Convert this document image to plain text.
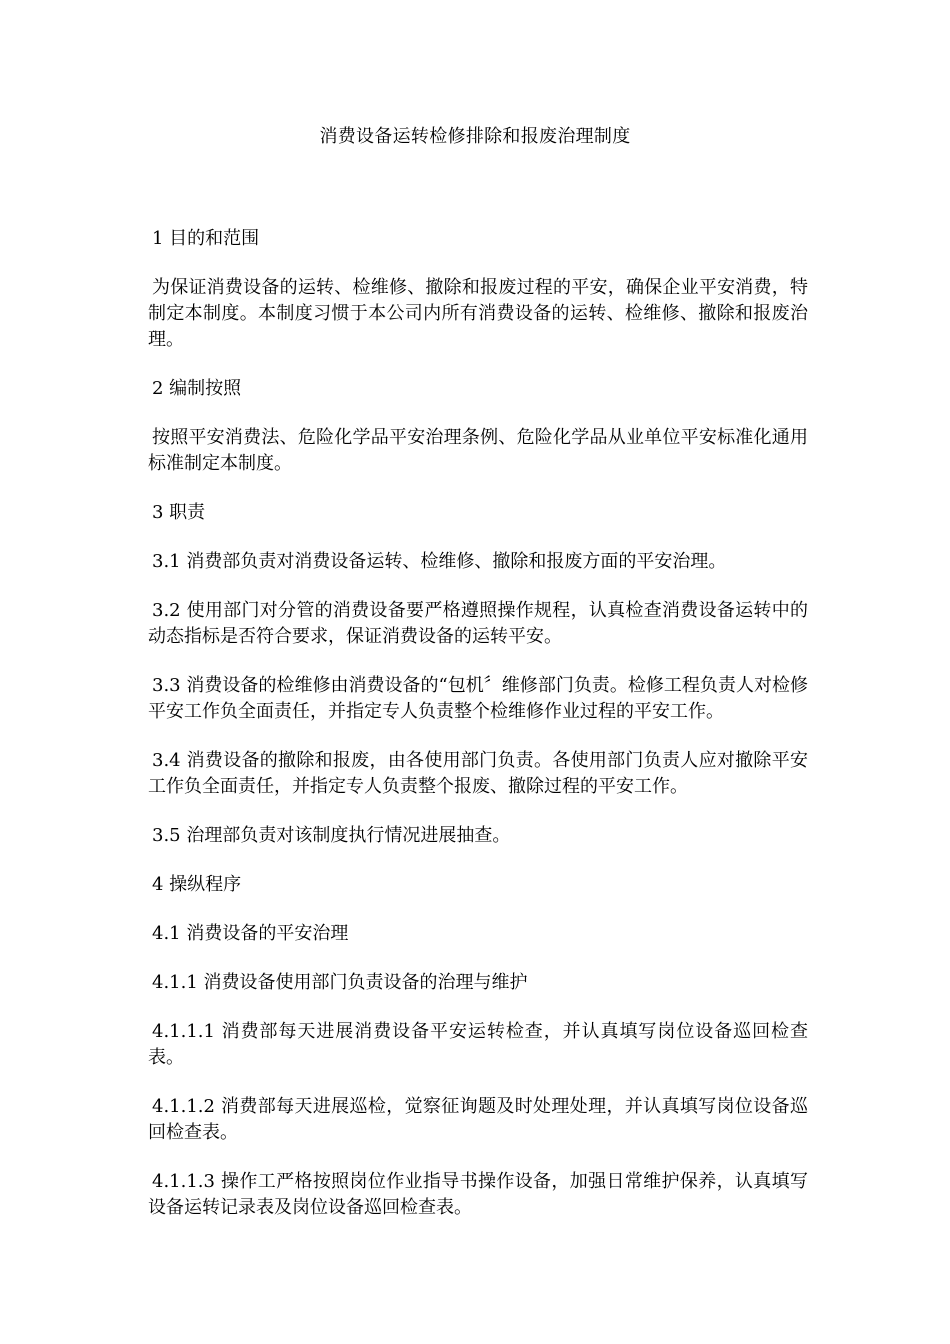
消费设备运转检修排除和报废治理制度

1 目的和范围

为保证消费设备的运转、检维修、撤除和报废过程的平安，确保企业平安消费，特制定本制度。本制度习惯于本公司内所有消费设备的运转、检维修、撤除和报废治理。

2 编制按照

按照平安消费法、危险化学品平安治理条例、危险化学品从业单位平安标准化通用标准制定本制度。

3 职责

3.1 消费部负责对消费设备运转、检维修、撤除和报废方面的平安治理。

3.2 使用部门对分管的消费设备要严格遵照操作规程，认真检查消费设备运转中的动态指标是否符合要求，保证消费设备的运转平安。

3.3 消费设备的检维修由消费设备的“包机〞维修部门负责。检修工程负责人对检修平安工作负全面责任，并指定专人负责整个检维修作业过程的平安工作。

3.4 消费设备的撤除和报废，由各使用部门负责。各使用部门负责人应对撤除平安工作负全面责任，并指定专人负责整个报废、撤除过程的平安工作。

3.5 治理部负责对该制度执行情况进展抽查。

4 操纵程序

4.1 消费设备的平安治理

4.1.1 消费设备使用部门负责设备的治理与维护

4.1.1.1 消费部每天进展消费设备平安运转检查，并认真填写岗位设备巡回检查表。

4.1.1.2 消费部每天进展巡检，觉察征询题及时处理处理，并认真填写岗位设备巡回检查表。

4.1.1.3 操作工严格按照岗位作业指导书操作设备，加强日常维护保养，认真填写设备运转记录表及岗位设备巡回检查表。
